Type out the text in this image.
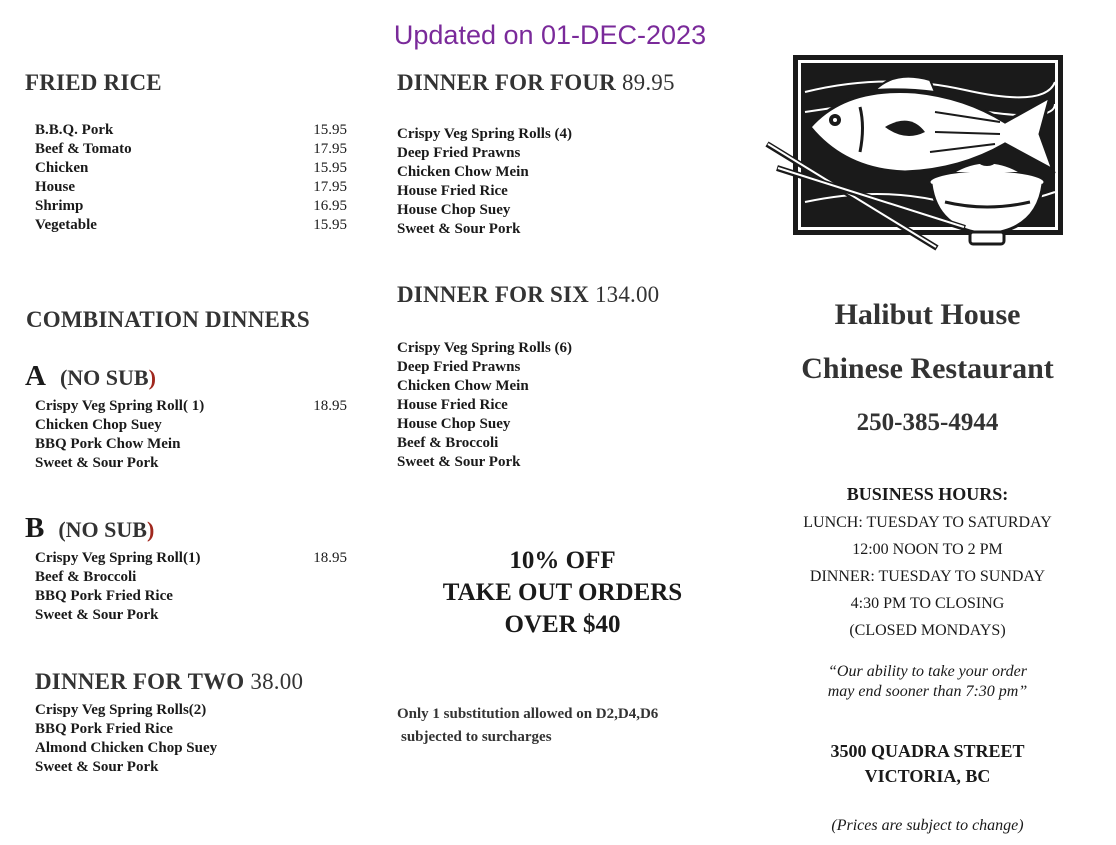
Updated on 01-DEC-2023
FRIED RICE
B.B.Q. Pork	15.95
Beef & Tomato	17.95
Chicken	15.95
House	17.95
Shrimp	16.95
Vegetable	15.95
COMBINATION DINNERS
A (NO SUB)
Crispy Veg Spring Roll( 1)	18.95
Chicken Chop Suey
BBQ Pork Chow Mein
Sweet & Sour Pork
B (NO SUB)
Crispy Veg Spring Roll(1)	18.95
Beef & Broccoli
BBQ Pork Fried Rice
Sweet & Sour Pork
DINNER FOR TWO 38.00
Crispy Veg Spring Rolls(2)
BBQ Pork Fried Rice
Almond Chicken Chop Suey
Sweet & Sour Pork
DINNER FOR FOUR 89.95
Crispy Veg Spring Rolls (4)
Deep Fried Prawns
Chicken Chow Mein
House Fried Rice
House Chop Suey
Sweet & Sour Pork
DINNER FOR SIX 134.00
Crispy Veg Spring Rolls (6)
Deep Fried Prawns
Chicken Chow Mein
House Fried Rice
House Chop Suey
Beef & Broccoli
Sweet & Sour Pork
10% OFF
TAKE OUT ORDERS
OVER $40
Only 1 substitution allowed on D2,D4,D6
subjected to surcharges
Halibut House
Chinese Restaurant
250-385-4944
BUSINESS HOURS:
LUNCH: TUESDAY TO SATURDAY
12:00 NOON TO 2 PM
DINNER: TUESDAY TO SUNDAY
4:30 PM TO CLOSING
(CLOSED MONDAYS)
“Our ability to take your order
may end sooner than 7:30 pm”
3500 QUADRA STREET
VICTORIA, BC
(Prices are subject to change)
